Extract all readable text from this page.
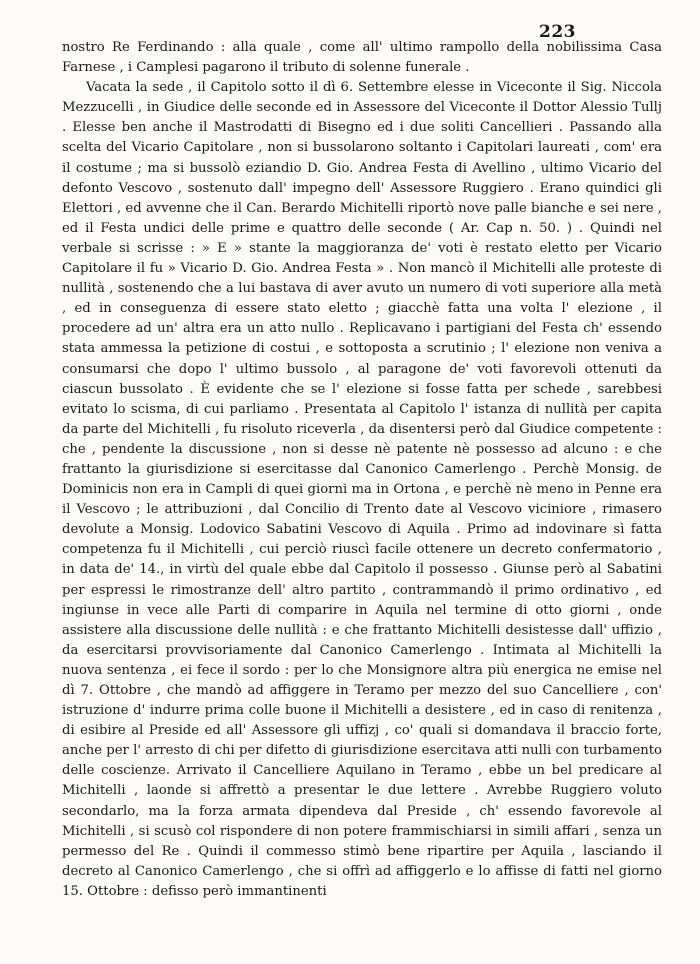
223

nostro Re Ferdinando : alla quale , come all' ultimo rampollo della nobilissima Casa Farnese , i Camplesi pagarono il tributo di solenne funerale .

Vacata la sede , il Capitolo sotto il dì 6. Settembre elesse in Viceconte il Sig. Niccola Mezzucelli , in Giudice delle seconde ed in Assessore del Viceconte il Dottor Alessio Tullj . Elesse ben anche il Mastrodatti di Bisegno ed i due soliti Cancellieri . Passando alla scelta del Vicario Capitolare , non si bussolarono soltanto i Capitolari laureati , com' era il costume ; ma si bussolò eziandio D. Gio. Andrea Festa di Avellino , ultimo Vicario del defonto Vescovo , sostenuto dall' impegno dell' Assessore Ruggiero . Erano quindici gli Elettori , ed avvenne che il Can. Berardo Michitelli riportò nove palle bianche e sei nere , ed il Festa undici delle prime e quattro delle seconde ( Ar. Cap n. 50. ) . Quindi nel verbale si scrisse : » E » stante la maggioranza de' voti è restato eletto per Vicario Capitolare il fu » Vicario D. Gio. Andrea Festa » . Non mancò il Michitelli alle proteste di nullità , sostenendo che a lui bastava di aver avuto un numero di voti superiore alla metà , ed in conseguenza di essere stato eletto ; giacchè fatta una volta l' elezione , il procedere ad un' altra era un atto nullo . Replicavano i partigiani del Festa ch' essendo stata ammessa la petizione di costui , e sottoposta a scrutinio ; l' elezione non veniva a consumarsi che dopo l' ultimo bussolo , al paragone de' voti favorevoli ottenuti da ciascun bussolato . È evidente che se l' elezione si fosse fatta per schede , sarebbesi evitato lo scisma, di cui parliamo . Presentata al Capitolo l' istanza di nullità per capita da parte del Michitelli , fu risoluto riceverla , da disentersi però dal Giudice competente : che , pendente la discussione , non si desse nè patente nè possesso ad alcuno : e che frattanto la giurisdizione si esercitasse dal Canonico Camerlengo . Perchè Monsig. de Dominicis non era in Campli di quei giorni ma in Ortona , e perchè nè meno in Penne era il Vescovo ; le attribuzioni , dal Concilio di Trento date al Vescovo viciniore , rimasero devolute a Monsig. Lodovico Sabatini Vescovo di Aquila . Primo ad indovinare sì fatta competenza fu il Michitelli , cui perciò riuscì facile ottenere un decreto confermatorio , in data de' 14., in virtù del quale ebbe dal Capitolo il possesso . Giunse però al Sabatini per espressi le rimostranze dell' altro partito , contrammandò il primo ordinativo , ed ingiunse in vece alle Parti di comparire in Aquila nel termine di otto giorni , onde assistere alla discussione delle nullità : e che frattanto Michitelli desistesse dall' uffizio , da esercitarsi provvisoriamente dal Canonico Camerlengo . Intimata al Michitelli la nuova sentenza , ei fece il sordo : per lo che Monsignore altra più energica ne emise nel dì 7. Ottobre , che mandò ad affiggere in Teramo per mezzo del suo Cancelliere , con' istruzione d' indurre prima colle buone il Michitelli a desistere , ed in caso di renitenza , di esibire al Preside ed all' Assessore gli uffizj , co' quali si domandava il braccio forte, anche per l' arresto di chi per difetto di giurisdizione esercitava atti nulli con turbamento delle coscienze. Arrivato il Cancelliere Aquilano in Teramo , ebbe un bel predicare al Michitelli , laonde si affrettò a presentar le due lettere . Avrebbe Ruggiero voluto secondarlo, ma la forza armata dipendeva dal Preside , ch' essendo favorevole al Michitelli , si scusò col rispondere di non potere frammischiarsi in simili affari , senza un permesso del Re . Quindi il commesso stimò bene ripartire per Aquila , lasciando il decreto al Canonico Camerlengo , che si offrì ad affiggerlo e lo affisse di fatti nel giorno 15. Ottobre : defisso però immantinenti
